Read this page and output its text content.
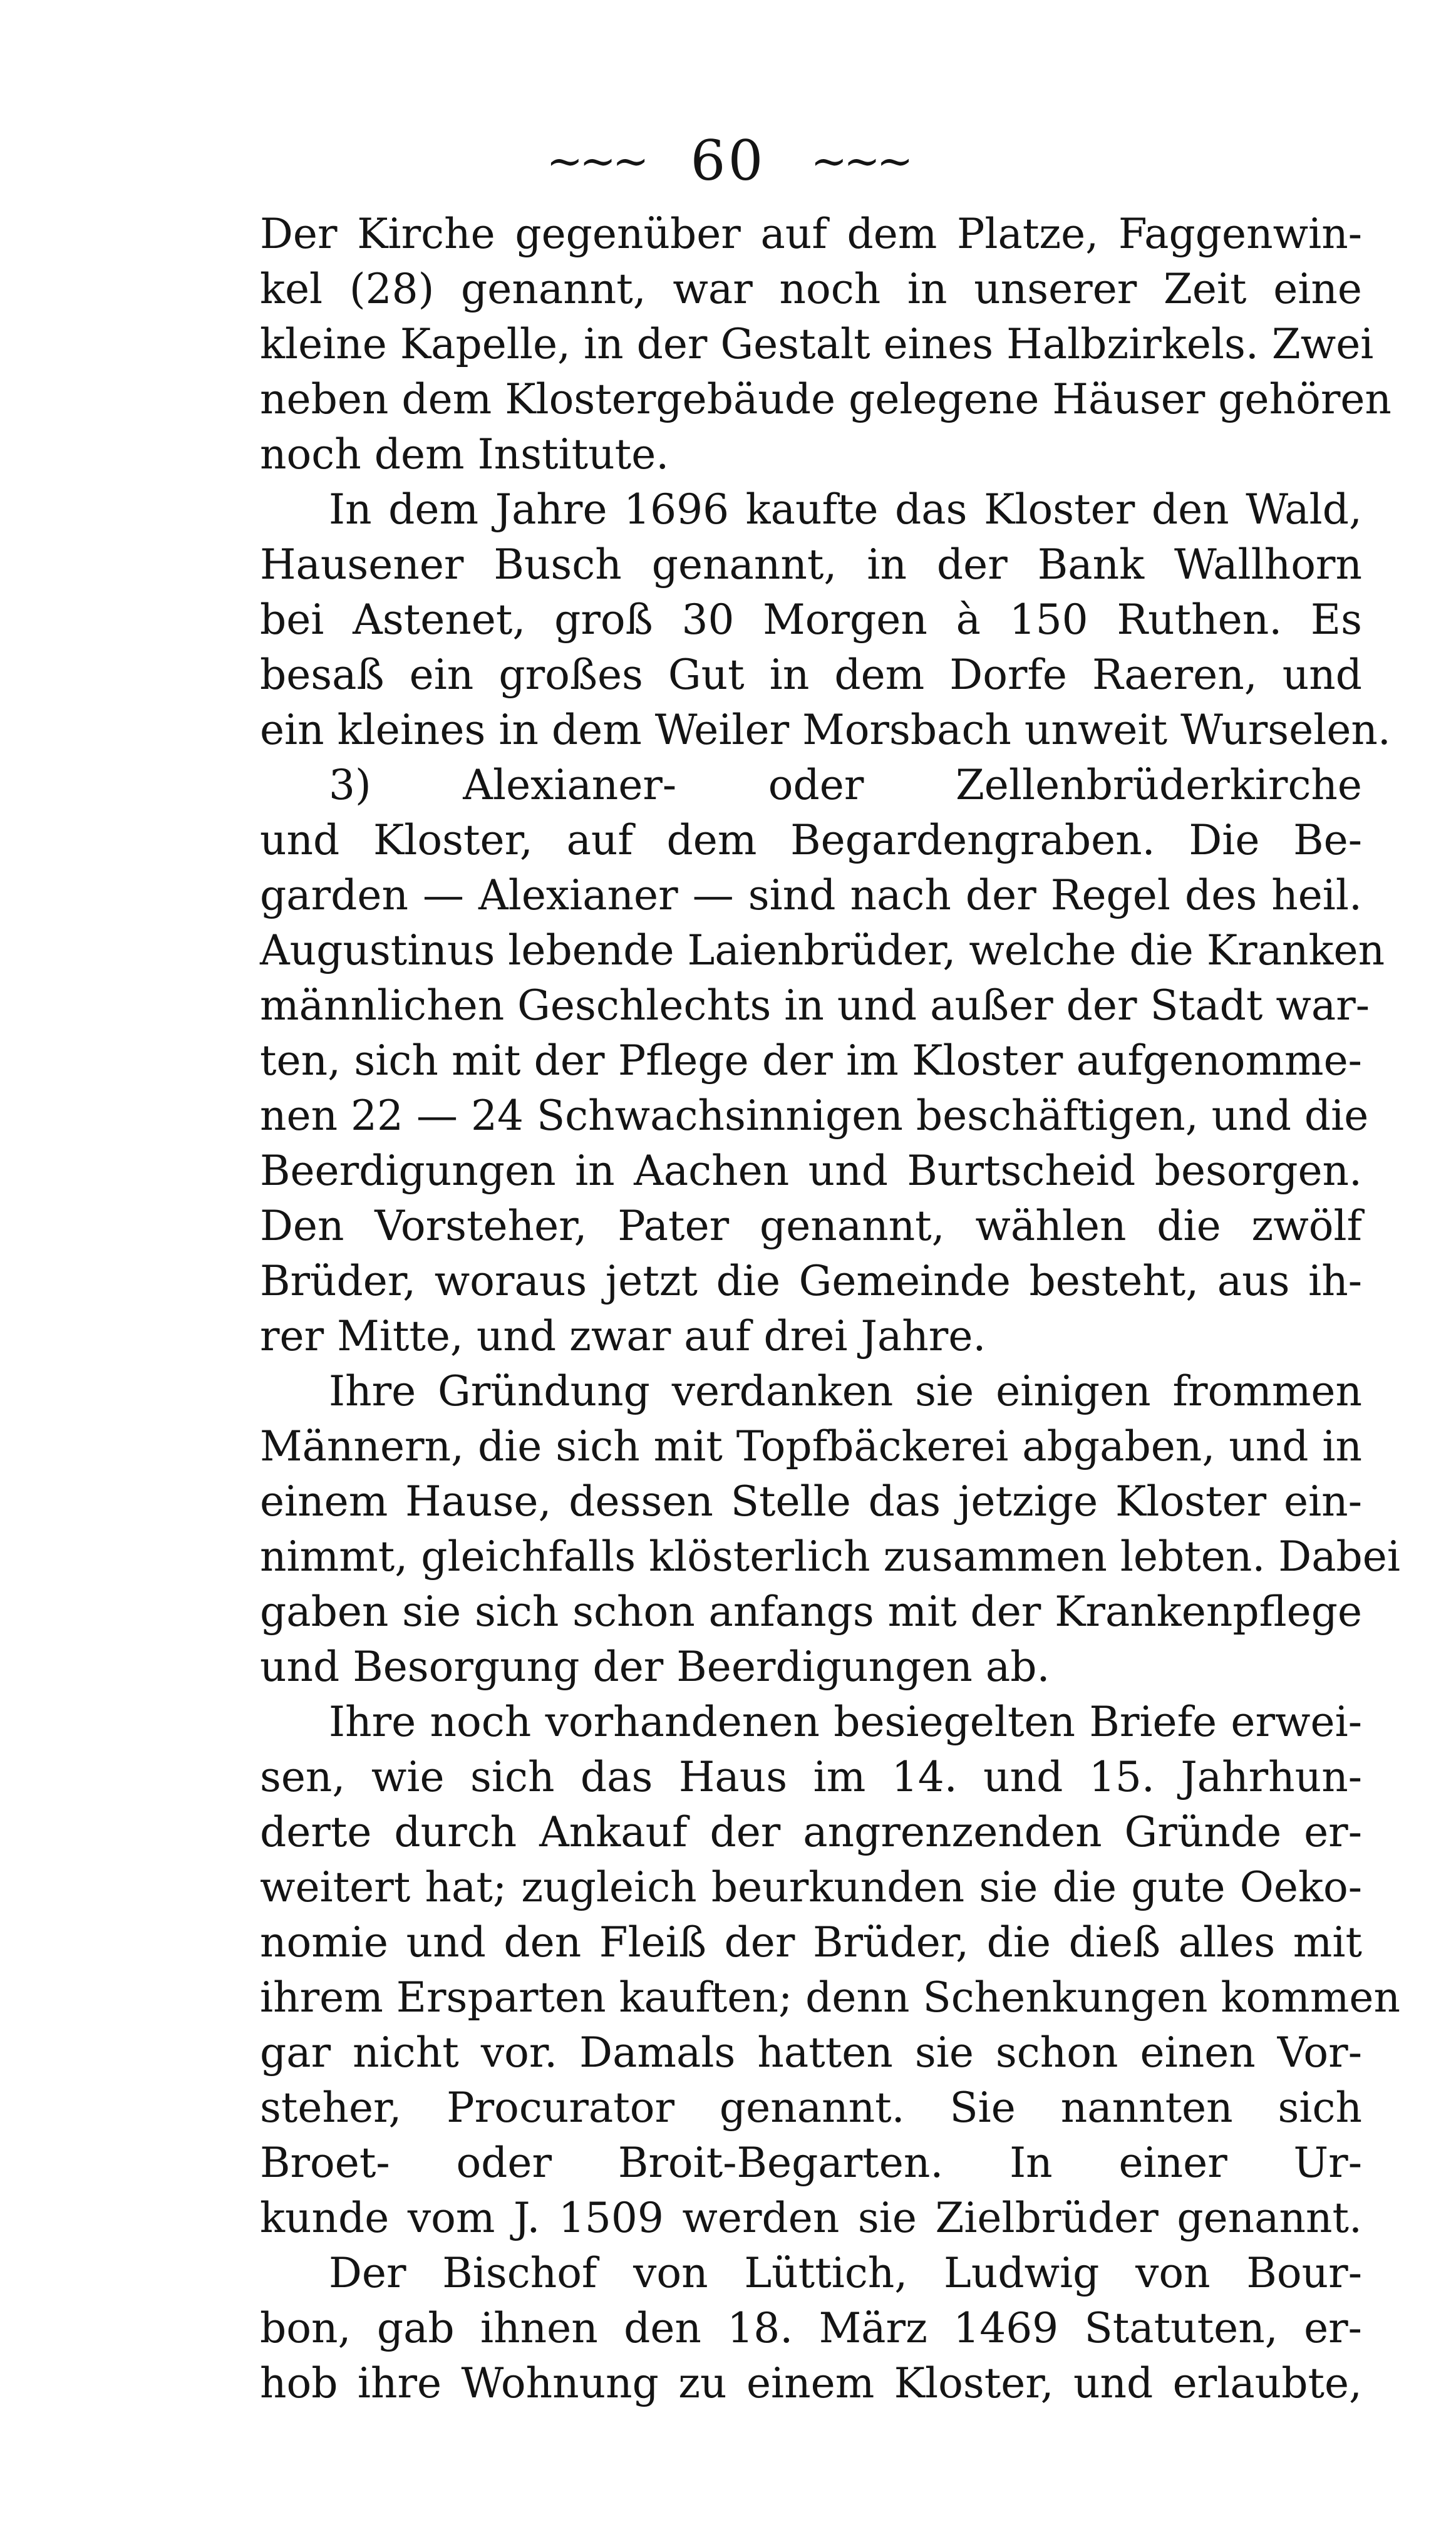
~~~ 60 ~~~
Der Kirche gegenüber auf dem Platze, Faggenwin-
kel (28) genannt, war noch in unserer Zeit eine
kleine Kapelle, in der Gestalt eines Halbzirkels. Zwei
neben dem Klostergebäude gelegene Häuser gehören
noch dem Institute.
In dem Jahre 1696 kaufte das Kloster den Wald,
Hausener Busch genannt, in der Bank Wallhorn
bei Astenet, groß 30 Morgen à 150 Ruthen. Es
besaß ein großes Gut in dem Dorfe Raeren, und
ein kleines in dem Weiler Morsbach unweit Wurselen.
3) Alexianer- oder Zellenbrüderkirche
und Kloster, auf dem Begardengraben. Die Be-
garden — Alexianer — sind nach der Regel des heil.
Augustinus lebende Laienbrüder, welche die Kranken
männlichen Geschlechts in und außer der Stadt war-
ten, sich mit der Pflege der im Kloster aufgenomme-
nen 22 — 24 Schwachsinnigen beschäftigen, und die
Beerdigungen in Aachen und Burtscheid besorgen.
Den Vorsteher, Pater genannt, wählen die zwölf
Brüder, woraus jetzt die Gemeinde besteht, aus ih-
rer Mitte, und zwar auf drei Jahre.
Ihre Gründung verdanken sie einigen frommen
Männern, die sich mit Topfbäckerei abgaben, und in
einem Hause, dessen Stelle das jetzige Kloster ein-
nimmt, gleichfalls klösterlich zusammen lebten. Dabei
gaben sie sich schon anfangs mit der Krankenpflege
und Besorgung der Beerdigungen ab.
Ihre noch vorhandenen besiegelten Briefe erwei-
sen, wie sich das Haus im 14. und 15. Jahrhun-
derte durch Ankauf der angrenzenden Gründe er-
weitert hat; zugleich beurkunden sie die gute Oeko-
nomie und den Fleiß der Brüder, die dieß alles mit
ihrem Ersparten kauften; denn Schenkungen kommen
gar nicht vor. Damals hatten sie schon einen Vor-
steher, Procurator genannt. Sie nannten sich
Broet- oder Broit-Begarten. In einer Ur-
kunde vom J. 1509 werden sie Zielbrüder genannt.
Der Bischof von Lüttich, Ludwig von Bour-
bon, gab ihnen den 18. März 1469 Statuten, er-
hob ihre Wohnung zu einem Kloster, und erlaubte,
